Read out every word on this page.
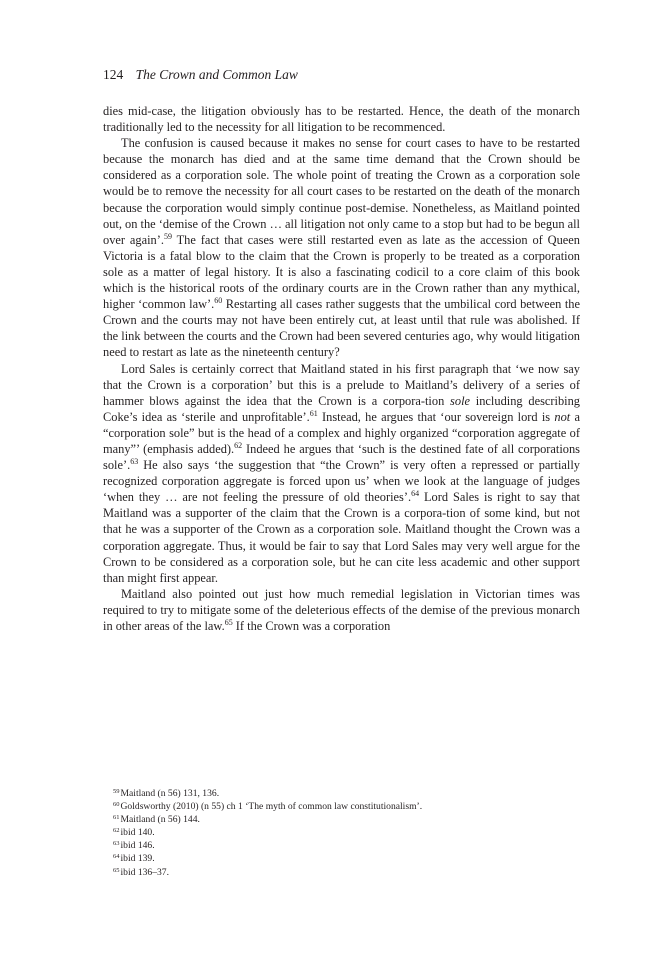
124 The Crown and Common Law

dies mid-case, the litigation obviously has to be restarted. Hence, the death of the monarch traditionally led to the necessity for all litigation to be recommenced.

The confusion is caused because it makes no sense for court cases to have to be restarted because the monarch has died and at the same time demand that the Crown should be considered as a corporation sole. The whole point of treating the Crown as a corporation sole would be to remove the necessity for all court cases to be restarted on the death of the monarch because the corporation would simply continue post-demise. Nonetheless, as Maitland pointed out, on the ‘demise of the Crown … all litigation not only came to a stop but had to be begun all over again’.$^{59}$ The fact that cases were still restarted even as late as the accession of Queen Victoria is a fatal blow to the claim that the Crown is properly to be treated as a corporation sole as a matter of legal history. It is also a fascinating codicil to a core claim of this book which is the historical roots of the ordinary courts are in the Crown rather than any mythical, higher ‘common law’.$^{60}$ Restarting all cases rather suggests that the umbilical cord between the Crown and the courts may not have been entirely cut, at least until that rule was abolished. If the link between the courts and the Crown had been severed centuries ago, why would litigation need to restart as late as the nineteenth century?

Lord Sales is certainly correct that Maitland stated in his first paragraph that ‘we now say that the Crown is a corporation’ but this is a prelude to Maitland’s delivery of a series of hammer blows against the idea that the Crown is a corpora-tion sole including describing Coke’s idea as ‘sterile and unprofitable’.$^{61}$ Instead, he argues that ‘our sovereign lord is not a “corporation sole” but is the head of a complex and highly organized “corporation aggregate of many”’ (emphasis added).$^{62}$ Indeed he argues that ‘such is the destined fate of all corporations sole’.$^{63}$ He also says ‘the suggestion that “the Crown” is very often a repressed or partially recognized corporation aggregate is forced upon us’ when we look at the language of judges ‘when they … are not feeling the pressure of old theories’.$^{64}$ Lord Sales is right to say that Maitland was a supporter of the claim that the Crown is a corpora-tion of some kind, but not that he was a supporter of the Crown as a corporation sole. Maitland thought the Crown was a corporation aggregate. Thus, it would be fair to say that Lord Sales may very well argue for the Crown to be considered as a corporation sole, but he can cite less academic and other support than might first appear.

Maitland also pointed out just how much remedial legislation in Victorian times was required to try to mitigate some of the deleterious effects of the demise of the previous monarch in other areas of the law.$^{65}$ If the Crown was a corporation

$^{59}$Maitland (n 56) 131, 136.
$^{60}$Goldsworthy (2010) (n 55) ch 1 ‘The myth of common law constitutionalism’.
$^{61}$Maitland (n 56) 144.
$^{62}$ibid 140.
$^{63}$ibid 146.
$^{64}$ibid 139.
$^{65}$ibid 136–37.
